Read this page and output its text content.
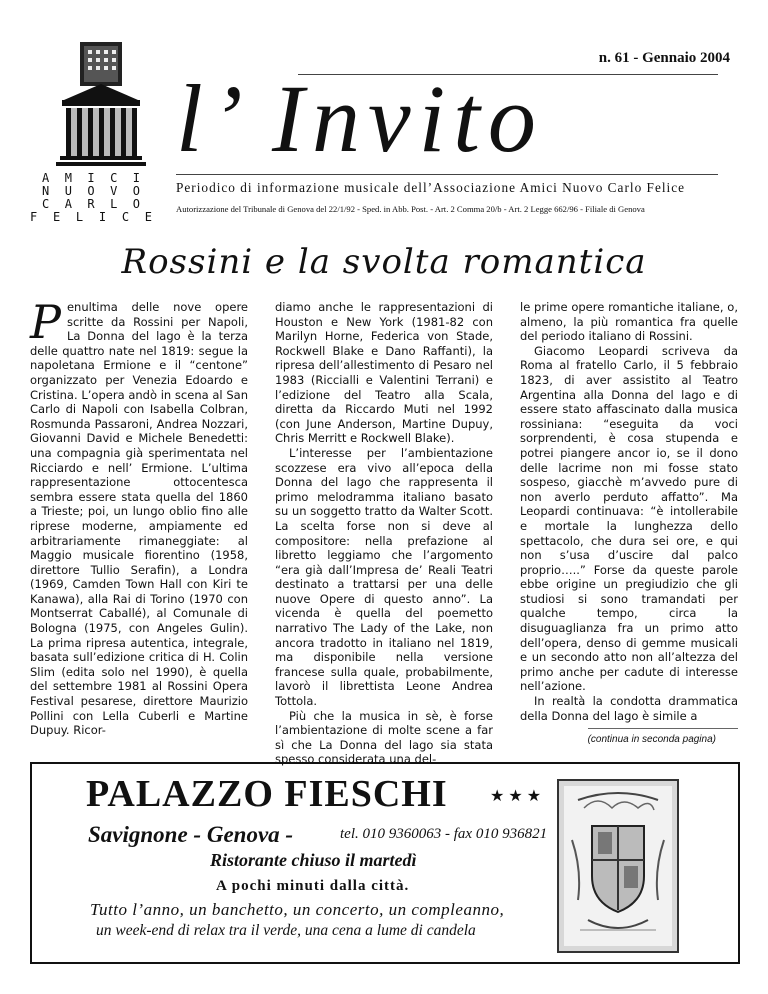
A M I C I
N U O V O
C A R L O
F E L I C E
n. 61 - Gennaio 2004
l’ Invito
Periodico di informazione musicale dell’Associazione Amici Nuovo Carlo Felice
Autorizzazione del Tribunale di Genova del 22/1/92 - Sped. in Abb. Post. - Art. 2 Comma 20/b - Art. 2 Legge 662/96 - Filiale di Genova
Rossini e la svolta romantica

Penultima delle nove opere scritte da Rossini per Napoli, La Donna del lago è la terza delle quattro nate nel 1819: segue la napoletana Ermione e il “centone” organizzato per Venezia Edoardo e Cristina. L’opera andò in scena al San Carlo di Napoli con Isabella Colbran, Rosmunda Passaroni, Andrea Nozzari, Giovanni David e Michele Benedetti: una compagnia già sperimentata nel Ricciardo e nell’ Ermione. L’ultima rappresentazione ottocentesca sembra essere stata quella del 1860 a Trieste; poi, un lungo oblio fino alle riprese moderne, ampiamente ed arbitrariamente rimaneggiate: al Maggio musicale fiorentino (1958, direttore Tullio Serafin), a Londra (1969, Camden Town Hall con Kiri te Kanawa), alla Rai di Torino (1970 con Montserrat Caballé), al Comunale di Bologna (1975, con Angeles Gulin). La prima ripresa autentica, integrale, basata sull’edizione critica di H. Colin Slim (edita solo nel 1990), è quella del settembre 1981 al Rossini Opera Festival pesarese, direttore Maurizio Pollini con Lella Cuberli e Martine Dupuy. Ricor-

diamo anche le rappresentazioni di Houston e New York (1981-82 con Marilyn Horne, Federica von Stade, Rockwell Blake e Dano Raffanti), la ripresa dell’allestimento di Pesaro nel 1983 (Riccialli e Valentini Terrani) e l’edizione del Teatro alla Scala, diretta da Riccardo Muti nel 1992 (con June Anderson, Martine Dupuy, Chris Merritt e Rockwell Blake).

L’interesse per l’ambientazione scozzese era vivo all’epoca della Donna del lago che rappresenta il primo melodramma italiano basato su un soggetto tratto da Walter Scott. La scelta forse non si deve al compositore: nella prefazione al libretto leggiamo che l’argomento “era già dall’Impresa de’ Reali Teatri destinato a trattarsi per una delle nuove Opere di questo anno”. La vicenda è quella del poemetto narrativo The Lady of the Lake, non ancora tradotto in italiano nel 1819, ma disponibile nella versione francese sulla quale, probabilmente, lavorò il librettista Leone Andrea Tottola.

Più che la musica in sè, è forse l’ambientazione di molte scene a far sì che La Donna del lago sia stata spesso considerata una del-

le prime opere romantiche italiane, o, almeno, la più romantica fra quelle del periodo italiano di Rossini.

Giacomo Leopardi scriveva da Roma al fratello Carlo, il 5 febbraio 1823, di aver assistito al Teatro Argentina alla Donna del lago e di essere stato affascinato dalla musica rossiniana: “eseguita da voci sorprendenti, è cosa stupenda e potrei piangere ancor io, se il dono delle lacrime non mi fosse stato sospeso, giacchè m’avvedo pure di non averlo perduto affatto”. Ma Leopardi continuava: “è intollerabile e mortale la lunghezza dello spettacolo, che dura sei ore, e qui non s’usa d’uscire dal palco proprio…..” Forse da queste parole ebbe origine un pregiudizio che gli studiosi si sono tramandati per qualche tempo, circa la disuguaglianza fra un primo atto dell’opera, denso di gemme musicali e un secondo atto non all’altezza del primo anche per cadute di interesse nell’azione.

In realtà la condotta drammatica della Donna del lago è simile a

(continua in seconda pagina)
PALAZZO FIESCHI	★★★
Savignone - Genova -	tel. 010 9360063 - fax 010 936821
Ristorante chiuso il martedì
A pochi minuti dalla città.
Tutto l’anno, un banchetto, un concerto, un compleanno,
un week-end di relax tra il verde, una cena a lume di candela
